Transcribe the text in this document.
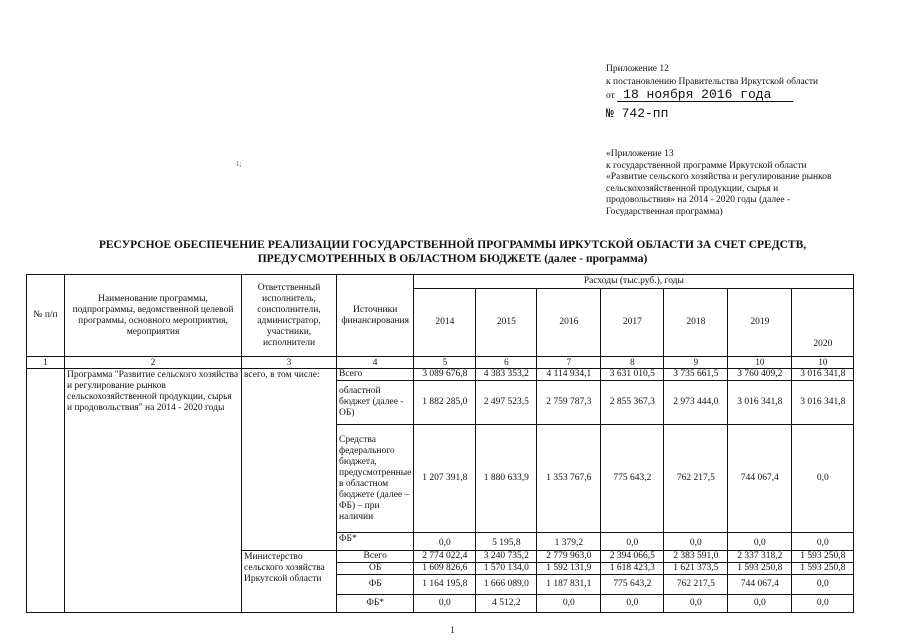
Приложение 12
к постановлению Правительства Иркутской области
от 18 ноября 2016 года
№ 742-пп
«Приложение 13
к государственной программе Иркутской области
«Развитие сельского хозяйства и регулирование рынков
сельскохозяйственной продукции, сырья и
продовольствия» на 2014 - 2020 годы (далее -
Государственная программа)
1;
РЕСУРСНОЕ ОБЕСПЕЧЕНИЕ РЕАЛИЗАЦИИ ГОСУДАРСТВЕННОЙ ПРОГРАММЫ ИРКУТСКОЙ ОБЛАСТИ ЗА СЧЕТ СРЕДСТВ,
ПРЕДУСМОТРЕННЫХ В ОБЛАСТНОМ БЮДЖЕТЕ (далее - программа)
№ п/п	Наименование программы, подпрограммы, ведомственной целевой программы, основного мероприятия, мероприятия	Ответственный исполнитель, соисполнители, администратор, участники, исполнители	Источники финансирования	Расходы (тыс.руб.), годы						
				2014	2015	2016	2017	2018	2019	2020
1	2	3	4	5	6	7	8	9	10	10
	Программа "Развитие сельского хозяйства и регулирование рынков сельскохозяйственной продукции, сырья и продовольствия" на 2014 - 2020 годы	всего, в том числе:	Всего	3 089 676,8	4 383 353,2	4 114 934,1	3 631 010,5	3 735 661,5	3 760 409,2	3 016 341,8
			областной бюджет (далее - ОБ)	1 882 285,0	2 497 523,5	2 759 787,3	2 855 367,3	2 973 444,0	3 016 341,8	3 016 341,8
			Средства федерального бюджета, предусмотренные в областном бюджете (далее – ФБ) – при наличии	1 207 391,8	1 880 633,9	1 353 767,6	775 643,2	762 217,5	744 067,4	0,0
			ФБ*	0,0	5 195,8	1 379,2	0,0	0,0	0,0	0,0
		Министерство сельского хозяйства Иркутской области	Всего	2 774 022,4	3 240 735,2	2 779 963,0	2 394 066,5	2 383 591,0	2 337 318,2	1 593 250,8
			ОБ	1 609 826,6	1 570 134,0	1 592 131,9	1 618 423,3	1 621 373,5	1 593 250,8	1 593 250,8
			ФБ	1 164 195,8	1 666 089,0	1 187 831,1	775 643,2	762 217,5	744 067,4	0,0
			ФБ*	0,0	4 512,2	0,0	0,0	0,0	0,0	0,0
1
